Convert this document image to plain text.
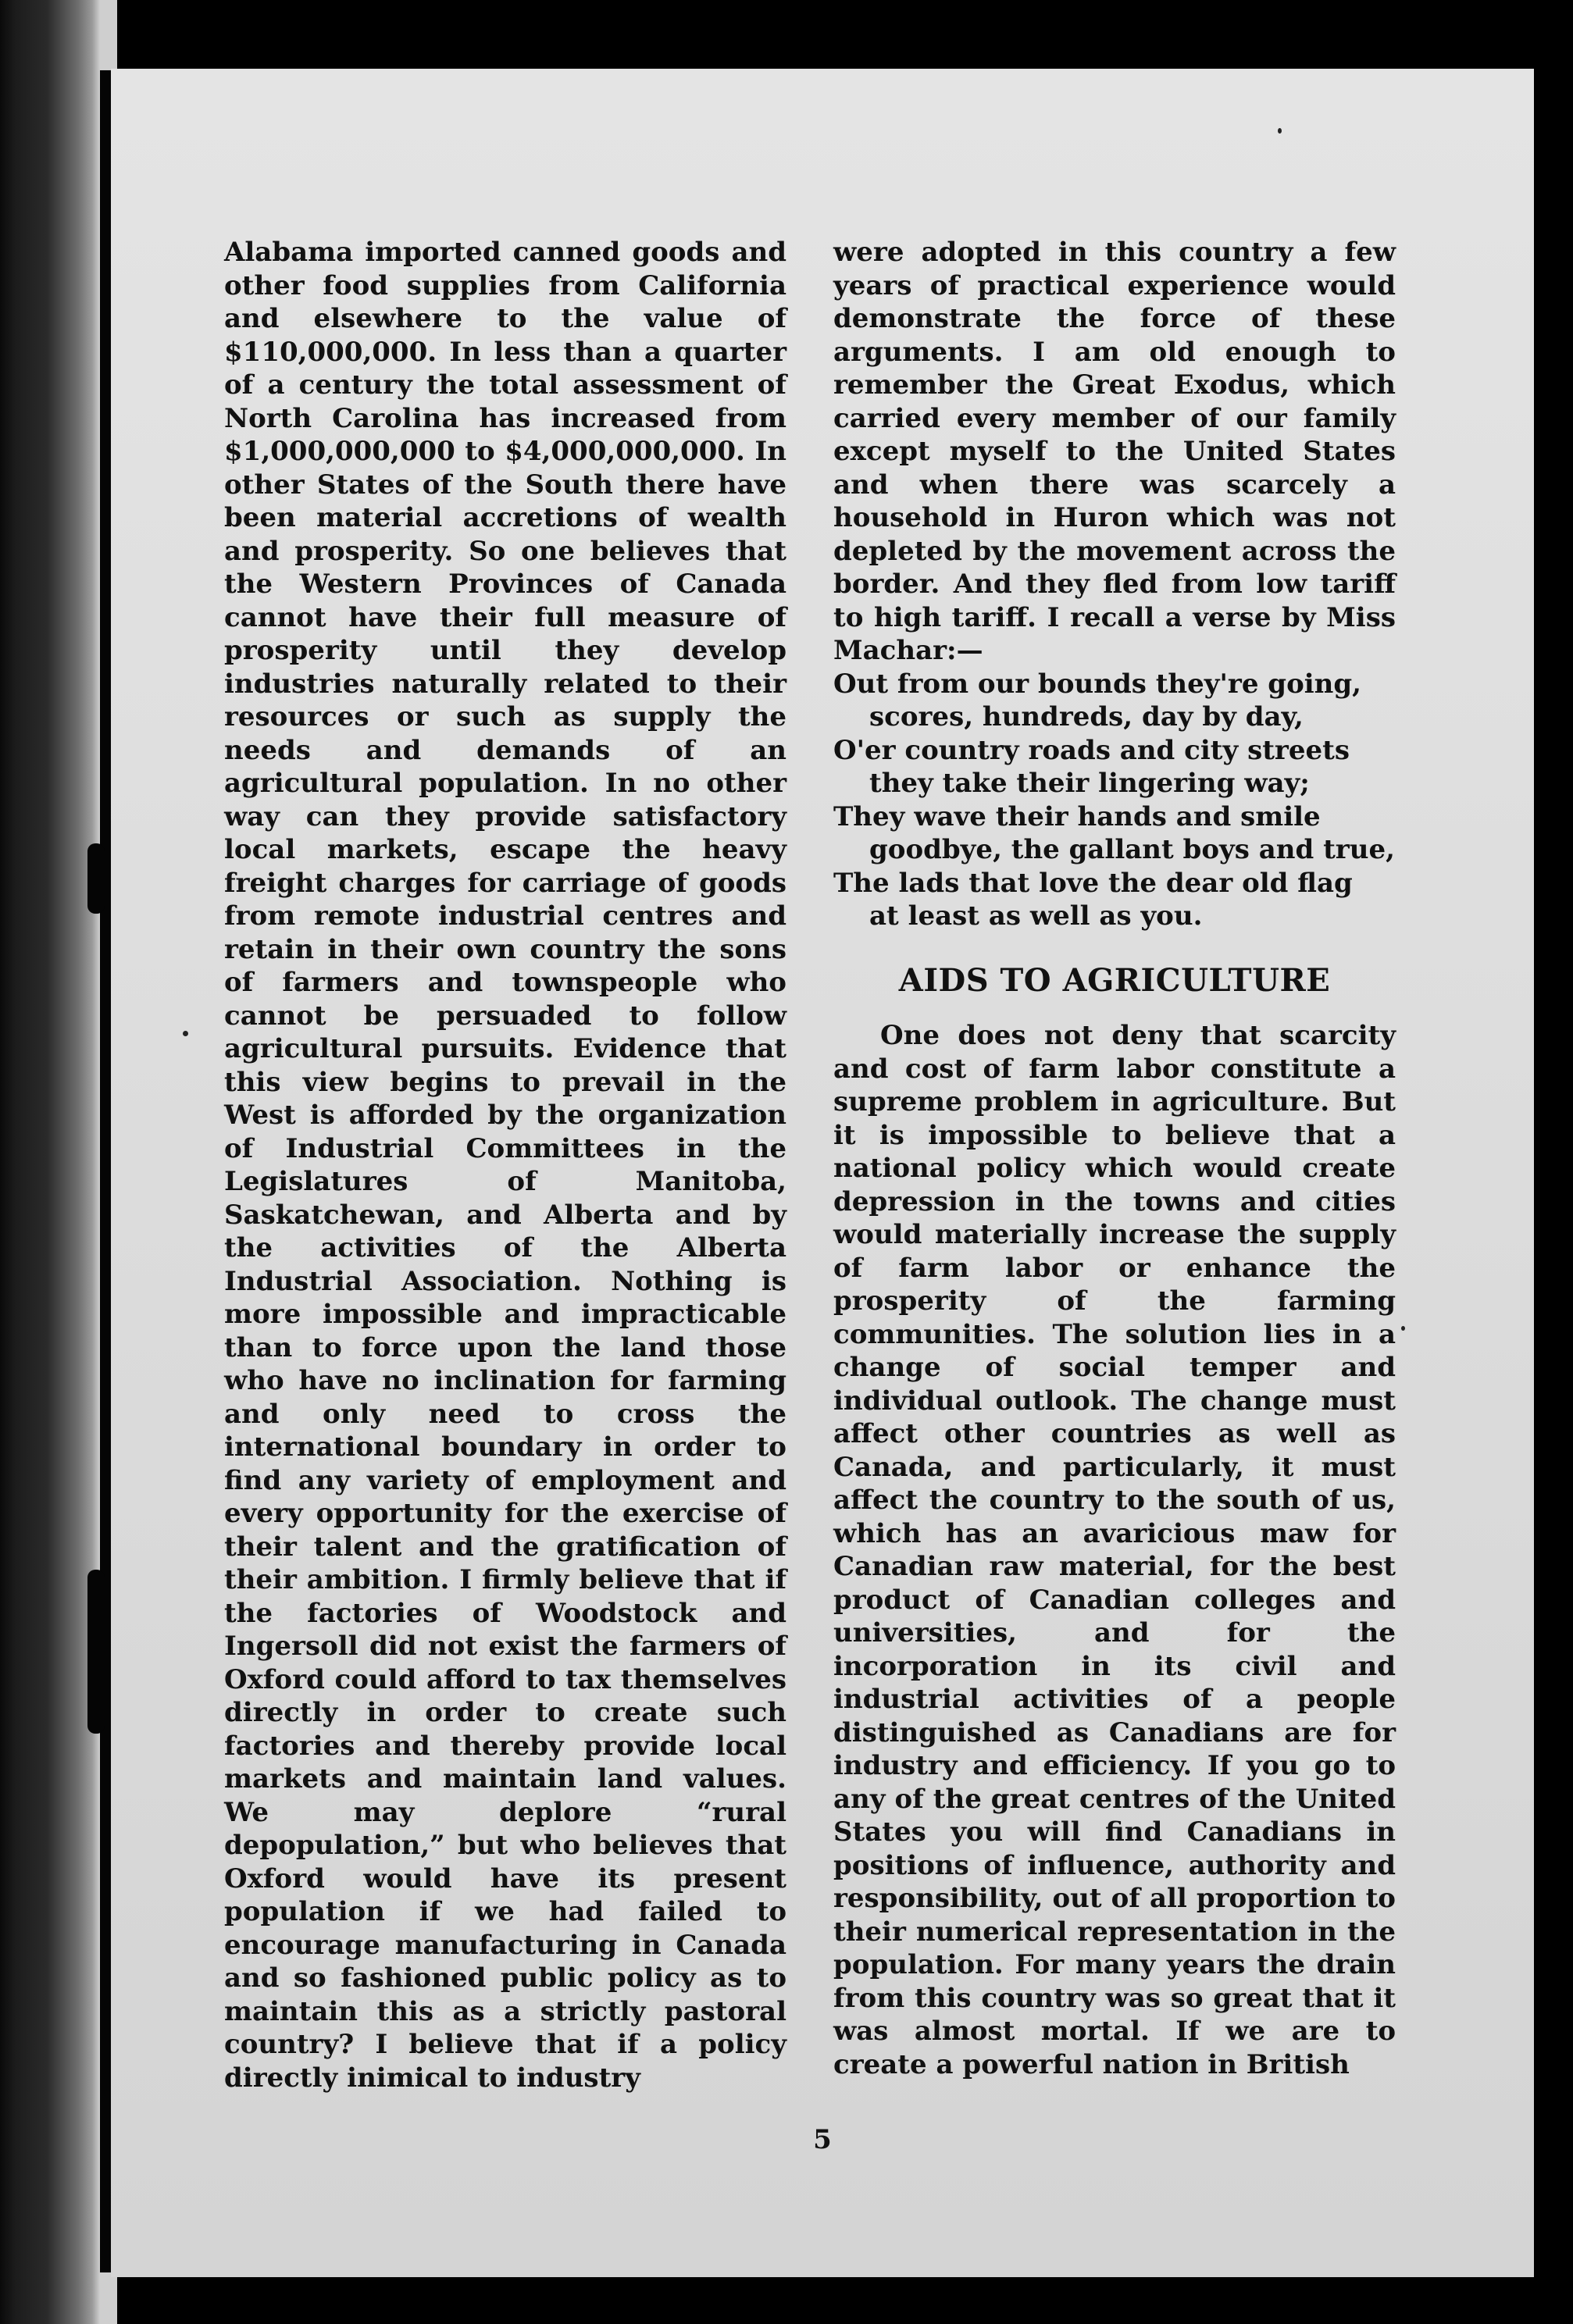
Alabama imported canned goods and other food supplies from California and elsewhere to the value of $110,000,000. In less than a quarter of a century the total assessment of North Carolina has increased from $1,000,000,000 to $4,000,000,000. In other States of the South there have been material accretions of wealth and prosperity. So one believes that the Western Provinces of Canada cannot have their full measure of prosperity until they develop industries naturally related to their resources or such as supply the needs and demands of an agricultural population. In no other way can they provide satisfactory local markets, escape the heavy freight charges for carriage of goods from remote industrial centres and retain in their own country the sons of farmers and townspeople who cannot be persuaded to follow agricultural pursuits. Evidence that this view begins to prevail in the West is afforded by the organization of Industrial Committees in the Legislatures of Manitoba, Saskatchewan, and Alberta and by the activities of the Alberta Industrial Association. Nothing is more impossible and impracticable than to force upon the land those who have no inclination for farming and only need to cross the international boundary in order to find any variety of employment and every opportunity for the exercise of their talent and the gratification of their ambition. I firmly believe that if the factories of Woodstock and Ingersoll did not exist the farmers of Oxford could afford to tax themselves directly in order to create such factories and thereby provide local markets and maintain land values. We may deplore “rural depopulation,” but who believes that Oxford would have its present population if we had failed to encourage manufacturing in Canada and so fashioned public policy as to maintain this as a strictly pastoral country? I believe that if a policy directly inimical to industry

were adopted in this country a few years of practical experience would demonstrate the force of these arguments. I am old enough to remember the Great Exodus, which carried every member of our family except myself to the United States and when there was scarcely a household in Huron which was not depleted by the movement across the border. And they fled from low tariff to high tariff. I recall a verse by Miss Machar:—

Out from our bounds they're going,
scores, hundreds, day by day,
O'er country roads and city streets
they take their lingering way;
They wave their hands and smile
goodbye, the gallant boys and true,
The lads that love the dear old flag
at least as well as you.
AIDS TO AGRICULTURE

One does not deny that scarcity and cost of farm labor constitute a supreme problem in agriculture. But it is impossible to believe that a national policy which would create depression in the towns and cities would materially increase the supply of farm labor or enhance the prosperity of the farming communities. The solution lies in a change of social temper and individual outlook. The change must affect other countries as well as Canada, and particularly, it must affect the country to the south of us, which has an avaricious maw for Canadian raw material, for the best product of Canadian colleges and universities, and for the incorporation in its civil and industrial activities of a people distinguished as Canadians are for industry and efficiency. If you go to any of the great centres of the United States you will find Canadians in positions of influence, authority and responsibility, out of all proportion to their numerical representation in the population. For many years the drain from this country was so great that it was almost mortal. If we are to create a powerful nation in British

5
